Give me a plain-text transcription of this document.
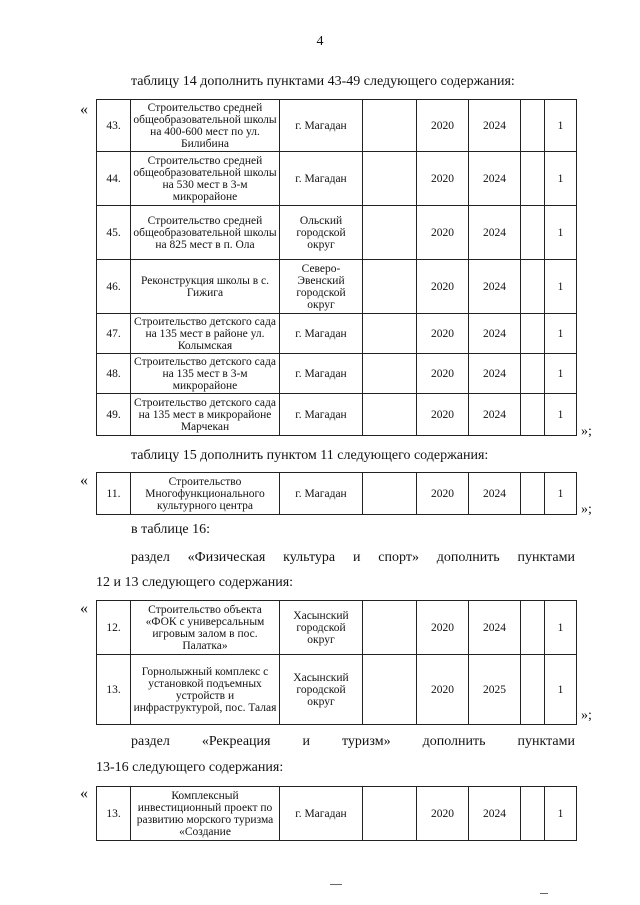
4
таблицу 14 дополнить пунктами 43-49 следующего содержания:
«
43.	Строительство средней общеобразовательной школы на 400-600 мест по ул. Билибина	г. Магадан		2020	2024		1
44.	Строительство средней общеобразовательной школы на 530 мест в 3-м микрорайоне	г. Магадан		2020	2024		1
45.	Строительство средней общеобразовательной школы на 825 мест в п. Ола	Ольский городской округ		2020	2024		1
46.	Реконструкция школы в с. Гижига	Северо-Эвенский городской округ		2020	2024		1
47.	Строительство детского сада на 135 мест в районе ул. Колымская	г. Магадан		2020	2024		1
48.	Строительство детского сада на 135 мест в 3-м микрорайоне	г. Магадан		2020	2024		1
49.	Строительство детского сада на 135 мест в микрорайоне Марчекан	г. Магадан		2020	2024		1
»;
таблицу 15 дополнить пунктом 11 следующего содержания:
«
11.	Строительство Многофункционального культурного центра	г. Магадан		2020	2024		1
»;
в таблице 16:
раздел «Физическая культура и спорт» дополнить пунктами
12 и 13 следующего содержания:
«
12.	Строительство объекта «ФОК с универсальным игровым залом в пос. Палатка»	Хасынский городской округ		2020	2024		1
13.	Горнолыжный комплекс с установкой подъемных устройств и инфраструктурой, пос. Талая	Хасынский городской округ		2020	2025		1
»;
раздел «Рекреация и туризм» дополнить пунктами
13-16 следующего содержания:
«
13.	Комплексный инвестиционный проект по развитию морского туризма «Создание	г. Магадан		2020	2024		1
